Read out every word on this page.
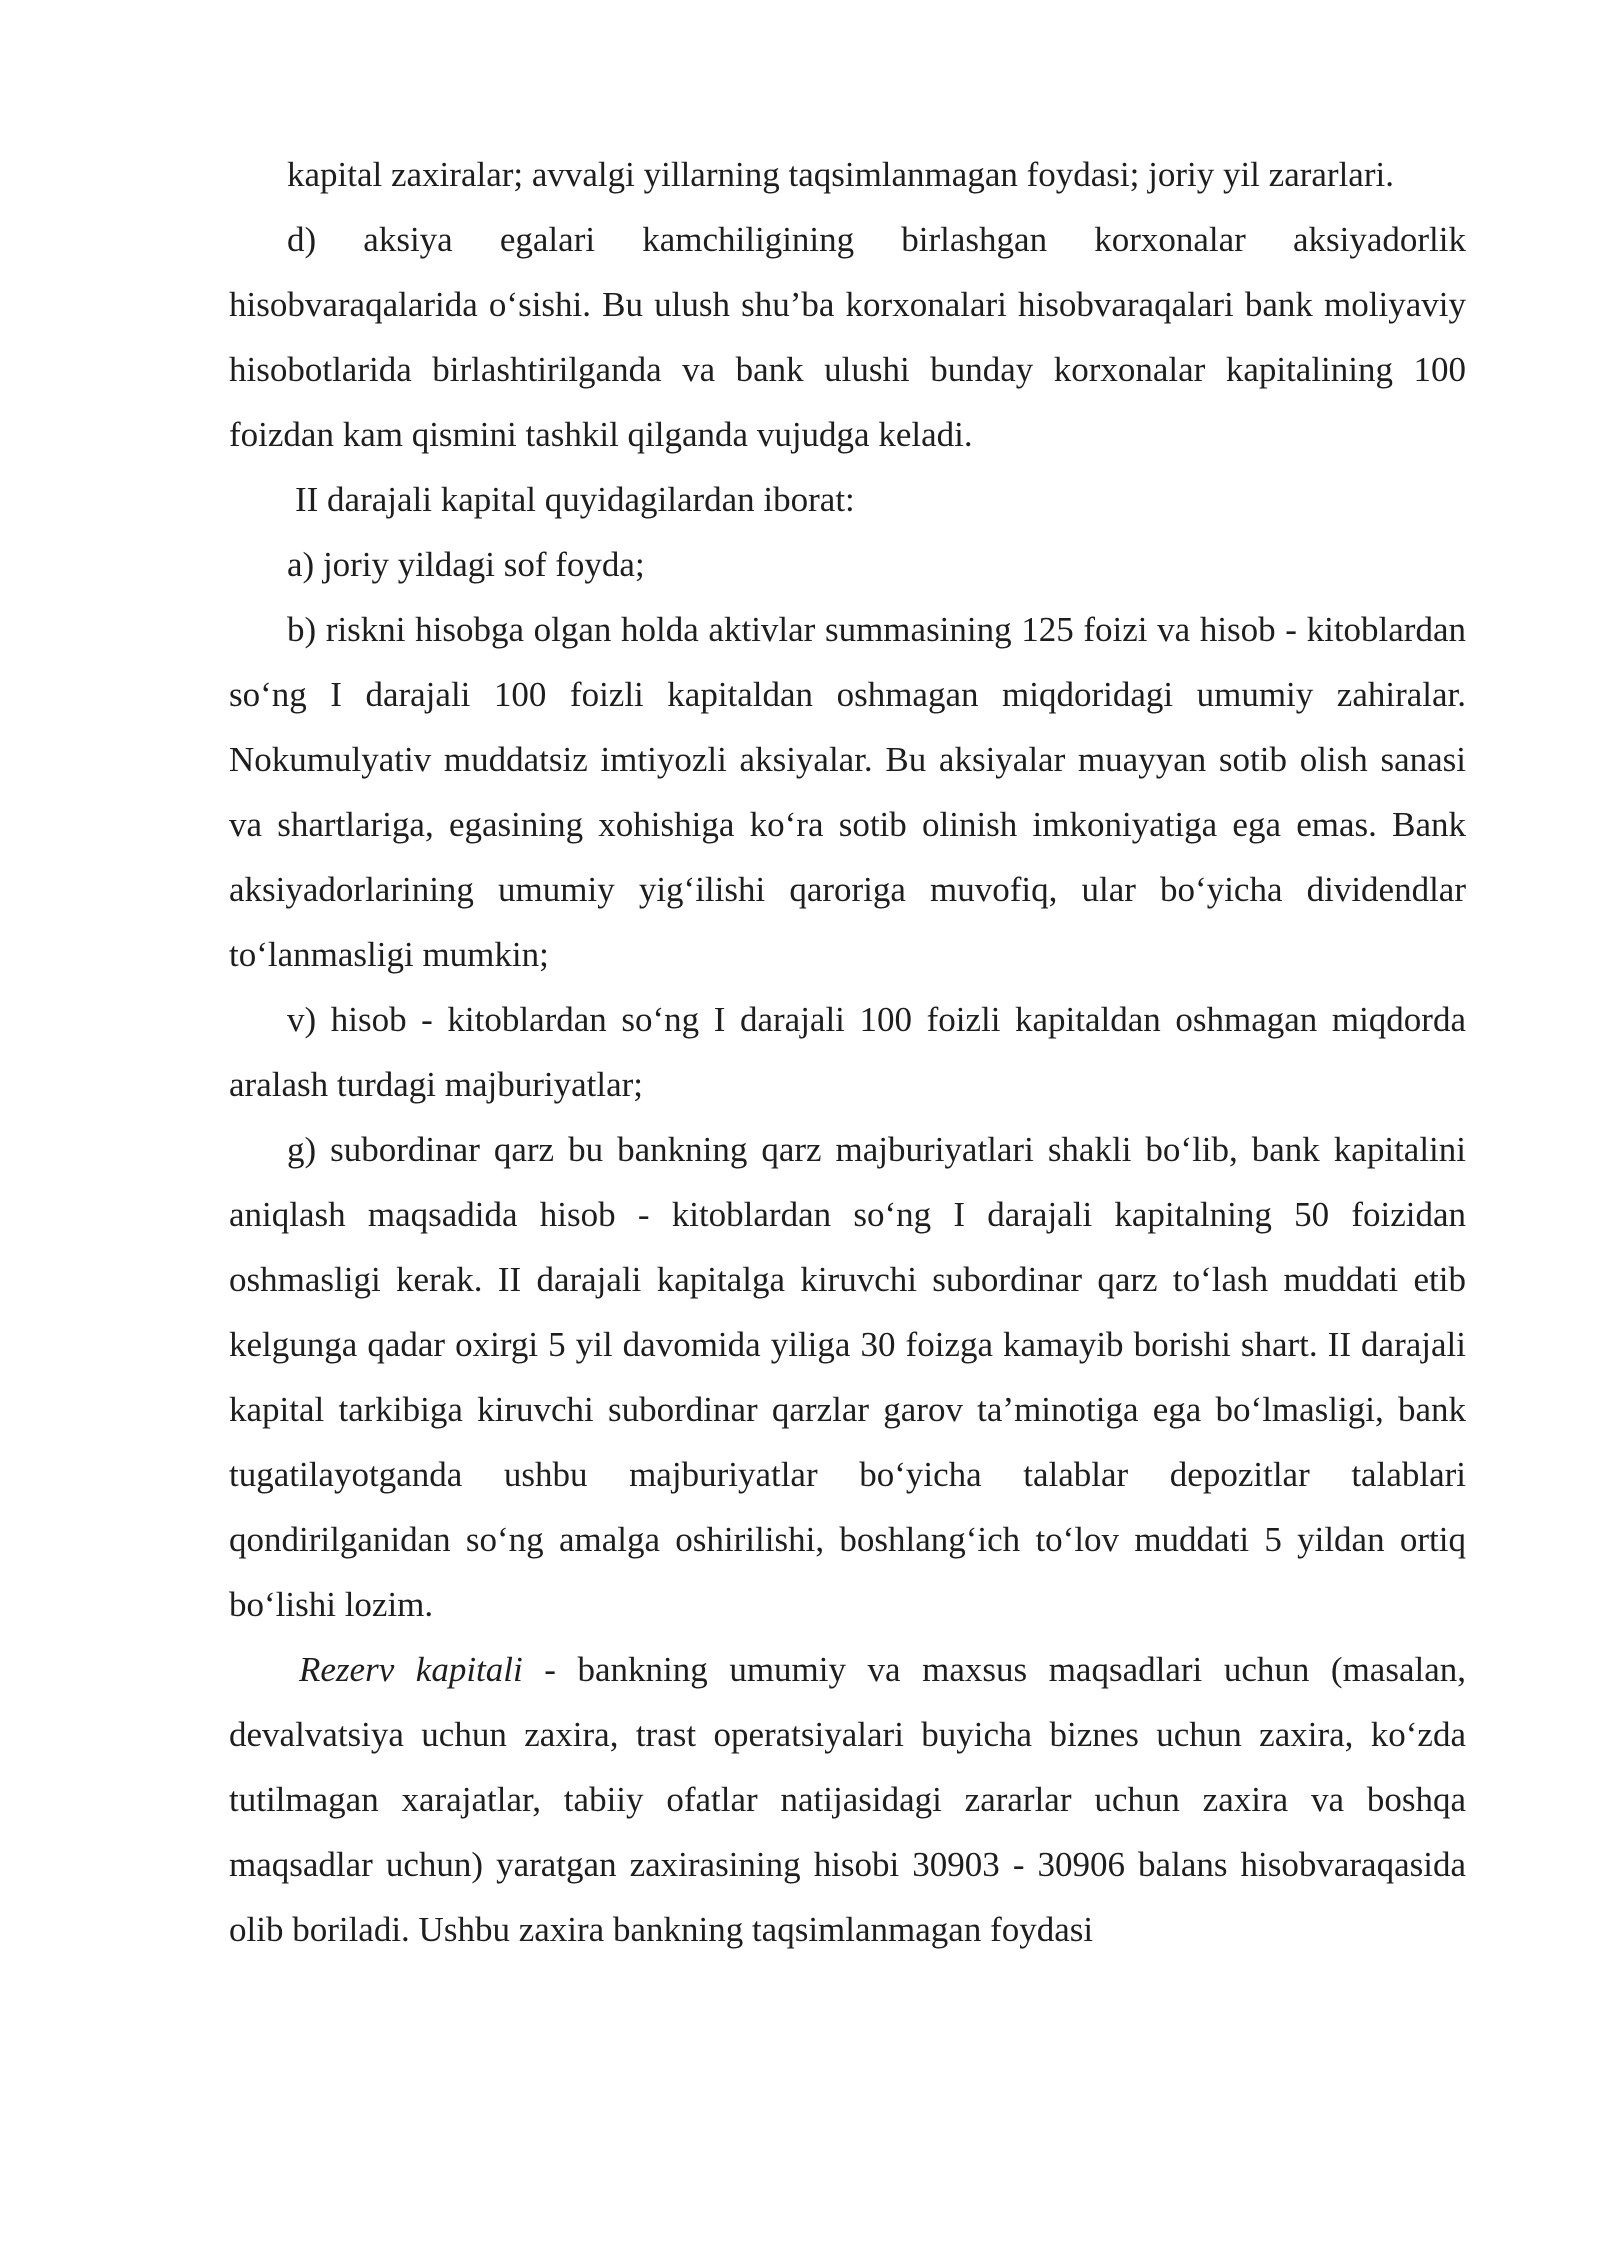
kapital zaxiralar; avvalgi yillarning taqsimlanmagan foydasi; joriy yil zararlari.

d) aksiya egalari kamchiligining birlashgan korxonalar aksiyadorlik hisobvaraqalarida o‘sishi. Bu ulush shu’ba korxonalari hisobvaraqalari bank moliyaviy hisobotlarida birlashtirilganda va bank ulushi bunday korxonalar kapitalining 100 foizdan kam qismini tashkil qilganda vujudga keladi.

II darajali kapital quyidagilardan iborat:

a) joriy yildagi sof foyda;

b) riskni hisobga olgan holda aktivlar summasining 125 foizi va hisob - kitoblardan so‘ng I darajali 100 foizli kapitaldan oshmagan miqdoridagi umumiy zahiralar. Nokumulyativ muddatsiz imtiyozli aksiyalar. Bu aksiyalar muayyan sotib olish sanasi va shartlariga, egasining xohishiga ko‘ra sotib olinish imkoniyatiga ega emas. Bank aksiyadorlarining umumiy yig‘ilishi qaroriga muvofiq, ular bo‘yicha dividendlar to‘lanmasligi mumkin;

v) hisob - kitoblardan so‘ng I darajali 100 foizli kapitaldan oshmagan miqdorda aralash turdagi majburiyatlar;

g) subordinar qarz bu bankning qarz majburiyatlari shakli bo‘lib, bank kapitalini aniqlash maqsadida hisob - kitoblardan so‘ng I darajali kapitalning 50 foizidan oshmasligi kerak. II darajali kapitalga kiruvchi subordinar qarz to‘lash muddati etib kelgunga qadar oxirgi 5 yil davomida yiliga 30 foizga kamayib borishi shart. II darajali kapital tarkibiga kiruvchi subordinar qarzlar garov ta’minotiga ega bo‘lmasligi, bank tugatilayotganda ushbu majburiyatlar bo‘yicha talablar depozitlar talablari qondirilganidan so‘ng amalga oshirilishi, boshlang‘ich to‘lov muddati 5 yildan ortiq bo‘lishi lozim.

Rezerv kapitali - bankning umumiy va maxsus maqsadlari uchun (masalan, devalvatsiya uchun zaxira, trast operatsiyalari buyicha biznes uchun zaxira, ko‘zda tutilmagan xarajatlar, tabiiy ofatlar natijasidagi zararlar uchun zaxira va boshqa maqsadlar uchun) yaratgan zaxirasining hisobi 30903 - 30906 balans hisobvaraqasida olib boriladi. Ushbu zaxira bankning taqsimlanmagan foydasi
